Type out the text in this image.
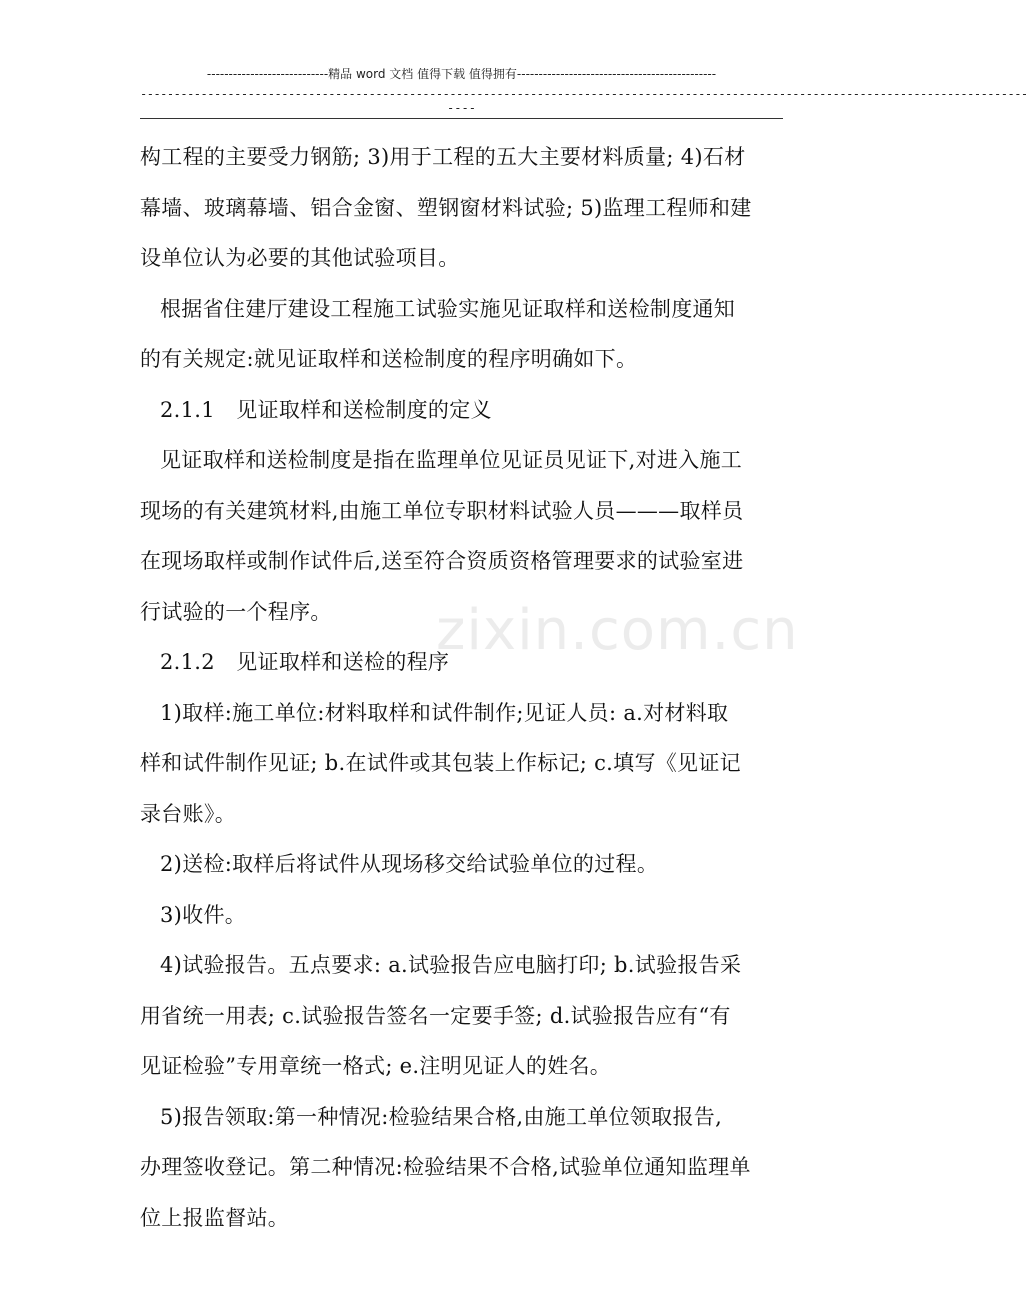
----------------------------精品 word 文档 值得下载 值得拥有----------------------------------------------
------------------------------------------------------------------------------------------------------------------------------------
----
zixin.com.cn
构工程的主要受力钢筋; 3)用于工程的五大主要材料质量; 4)石材
幕墙、玻璃幕墙、铝合金窗、塑钢窗材料试验; 5)监理工程师和建
设单位认为必要的其他试验项目。
根据省住建厅建设工程施工试验实施见证取样和送检制度通知
的有关规定:就见证取样和送检制度的程序明确如下。
2.1.1　见证取样和送检制度的定义
见证取样和送检制度是指在监理单位见证员见证下,对进入施工
现场的有关建筑材料,由施工单位专职材料试验人员———取样员
在现场取样或制作试件后,送至符合资质资格管理要求的试验室进
行试验的一个程序。
2.1.2　见证取样和送检的程序
1)取样:施工单位:材料取样和试件制作;见证人员: a.对材料取
样和试件制作见证; b.在试件或其包装上作标记; c.填写《见证记
录台账》。
2)送检:取样后将试件从现场移交给试验单位的过程。
3)收件。
4)试验报告。五点要求: a.试验报告应电脑打印; b.试验报告采
用省统一用表; c.试验报告签名一定要手签; d.试验报告应有“有
见证检验”专用章统一格式; e.注明见证人的姓名。
5)报告领取:第一种情况:检验结果合格,由施工单位领取报告,
办理签收登记。第二种情况:检验结果不合格,试验单位通知监理单
位上报监督站。
